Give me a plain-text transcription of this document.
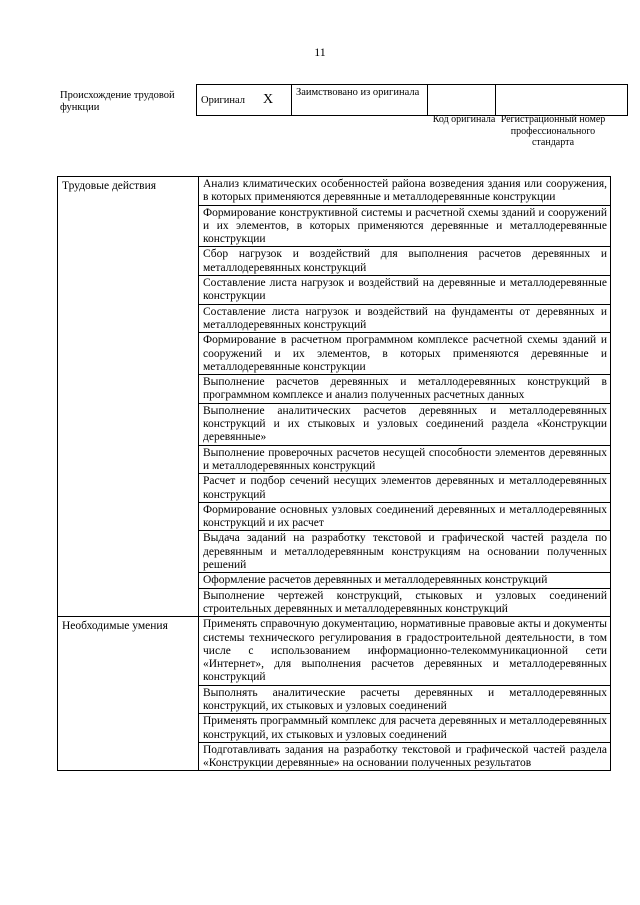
11
Происхождение трудовой функции
Оригинал X	Заимствовано из оригинала		
Код оригинала Регистрационный номер профессионального стандарта
Трудовые действия	Анализ климатических особенностей района возведения здания или сооружения, в которых применяются деревянные и металлодеревянные конструкции
	Формирование конструктивной системы и расчетной схемы зданий и сооружений и их элементов, в которых применяются деревянные и металлодеревянные конструкции
	Сбор нагрузок и воздействий для выполнения расчетов деревянных и металлодеревянных конструкций
	Составление листа нагрузок и воздействий на деревянные и металлодеревянные конструкции
	Составление листа нагрузок и воздействий на фундаменты от деревянных и металлодеревянных конструкций
	Формирование в расчетном программном комплексе расчетной схемы зданий и сооружений и их элементов, в которых применяются деревянные и металлодеревянные конструкции
	Выполнение расчетов деревянных и металлодеревянных конструкций в программном комплексе и анализ полученных расчетных данных
	Выполнение аналитических расчетов деревянных и металлодеревянных конструкций и их стыковых и узловых соединений раздела «Конструкции деревянные»
	Выполнение проверочных расчетов несущей способности элементов деревянных и металлодеревянных конструкций
	Расчет и подбор сечений несущих элементов деревянных и металлодеревянных конструкций
	Формирование основных узловых соединений деревянных и металлодеревянных конструкций и их расчет
	Выдача заданий на разработку текстовой и графической частей раздела по деревянным и металлодеревянным конструкциям на основании полученных решений
	Оформление расчетов деревянных и металлодеревянных конструкций
	Выполнение чертежей конструкций, стыковых и узловых соединений строительных деревянных и металлодеревянных конструкций
Необходимые умения	Применять справочную документацию, нормативные правовые акты и документы системы технического регулирования в градостроительной деятельности, в том числе с использованием информационно-телекоммуникационной сети «Интернет», для выполнения расчетов деревянных и металлодеревянных конструкций
	Выполнять аналитические расчеты деревянных и металлодеревянных конструкций, их стыковых и узловых соединений
	Применять программный комплекс для расчета деревянных и металлодеревянных конструкций, их стыковых и узловых соединений
	Подготавливать задания на разработку текстовой и графической частей раздела «Конструкции деревянные» на основании полученных результатов
